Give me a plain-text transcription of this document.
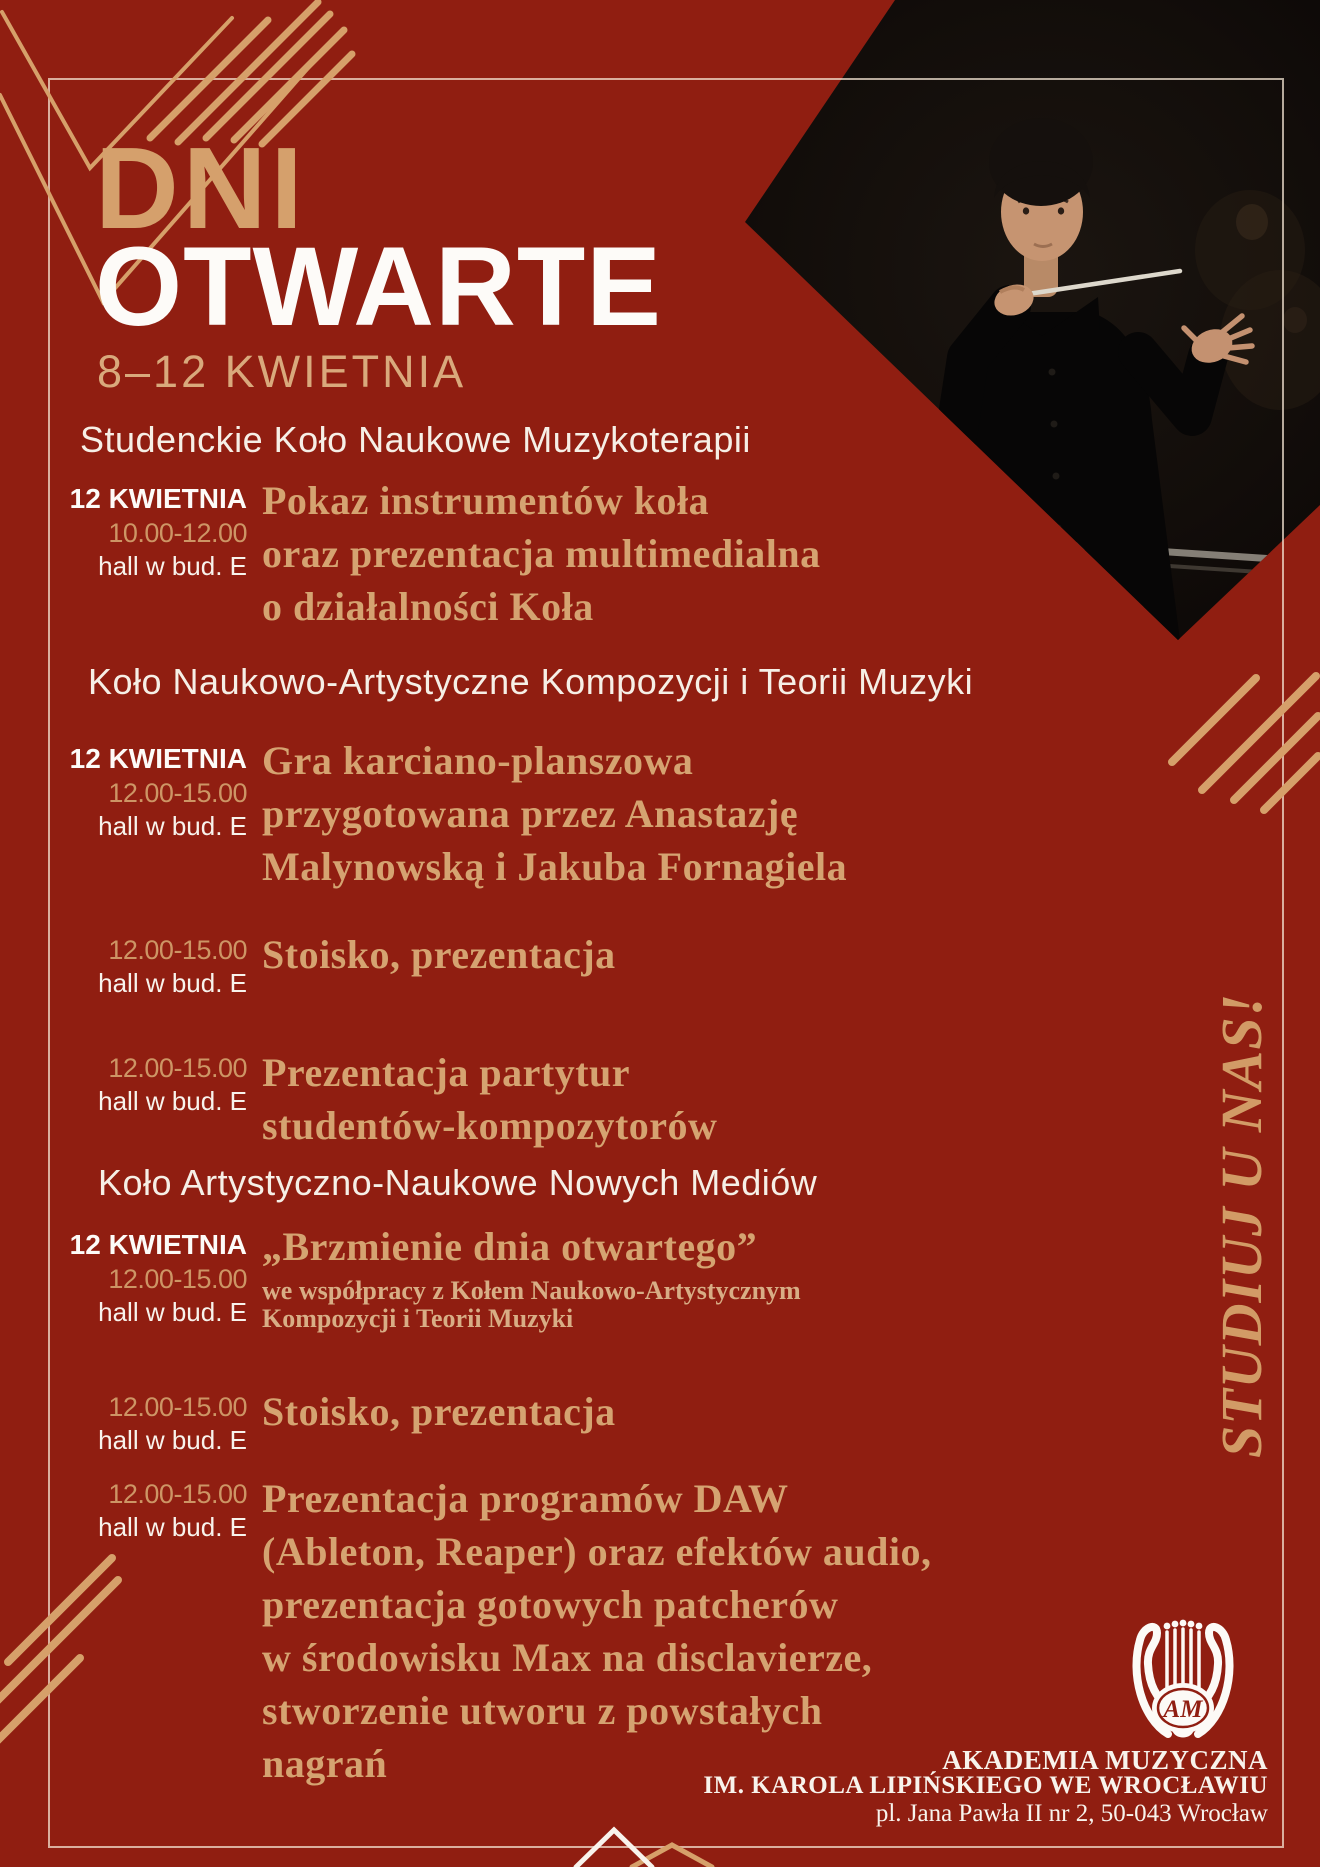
DNI
OTWARTE
8–12 KWIETNIA
Studenckie Koło Naukowe Muzykoterapii
12 KWIETNIA
10.00-12.00
hall w bud. E
Pokaz instrumentów koła
oraz prezentacja multimedialna
o działalności Koła
Koło Naukowo-Artystyczne Kompozycji i Teorii Muzyki
12 KWIETNIA
12.00-15.00
hall w bud. E
Gra karciano-planszowa
przygotowana przez Anastazję
Malynowską i Jakuba Fornagiela
12.00-15.00
hall w bud. E
Stoisko, prezentacja
12.00-15.00
hall w bud. E
Prezentacja partytur
studentów-kompozytorów
Koło Artystyczno-Naukowe Nowych Mediów
12 KWIETNIA
12.00-15.00
hall w bud. E
„Brzmienie dnia otwartego”
we współpracy z Kołem Naukowo-Artystycznym
Kompozycji i Teorii Muzyki
12.00-15.00
hall w bud. E
Stoisko, prezentacja
12.00-15.00
hall w bud. E
Prezentacja programów DAW
(Ableton, Reaper) oraz efektów audio,
prezentacja gotowych patcherów
w środowisku Max na disclavierze,
stworzenie utworu z powstałych
nagrań
STUDIUJ U NAS!
AM
AKADEMIA MUZYCZNA
IM. KAROLA LIPIŃSKIEGO WE WROCŁAWIU
pl. Jana Pawła II nr 2, 50-043 Wrocław
